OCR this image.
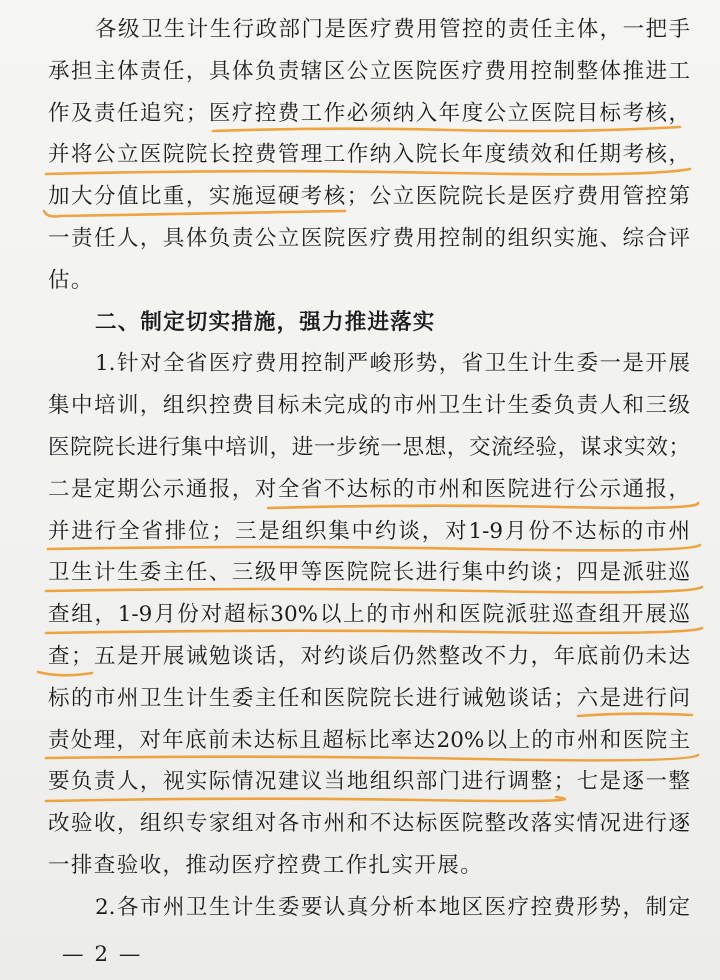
各级卫生计生行政部门是医疗费用管控的责任主体，一把手
承担主体责任，具体负责辖区公立医院医疗费用控制整体推进工
作及责任追究；医疗控费工作必须纳入年度公立医院目标考核，
并将公立医院院长控费管理工作纳入院长年度绩效和任期考核，
加大分值比重，实施逗硬考核；公立医院院长是医疗费用管控第
一责任人，具体负责公立医院医疗费用控制的组织实施、综合评
估。
二、制定切实措施，强力推进落实
1.针对全省医疗费用控制严峻形势，省卫生计生委一是开展
集中培训，组织控费目标未完成的市州卫生计生委负责人和三级
医院院长进行集中培训，进一步统一思想，交流经验，谋求实效；
二是定期公示通报，对全省不达标的市州和医院进行公示通报，
并进行全省排位；三是组织集中约谈，对1-9月份不达标的市州
卫生计生委主任、三级甲等医院院长进行集中约谈；四是派驻巡
查组，1-9月份对超标30%以上的市州和医院派驻巡查组开展巡
查；五是开展诫勉谈话，对约谈后仍然整改不力，年底前仍未达
标的市州卫生计生委主任和医院院长进行诫勉谈话；六是进行问
责处理，对年底前未达标且超标比率达20%以上的市州和医院主
要负责人，视实际情况建议当地组织部门进行调整；七是逐一整
改验收，组织专家组对各市州和不达标医院整改落实情况进行逐
一排查验收，推动医疗控费工作扎实开展。
2.各市州卫生计生委要认真分析本地区医疗控费形势，制定
— 2 —
